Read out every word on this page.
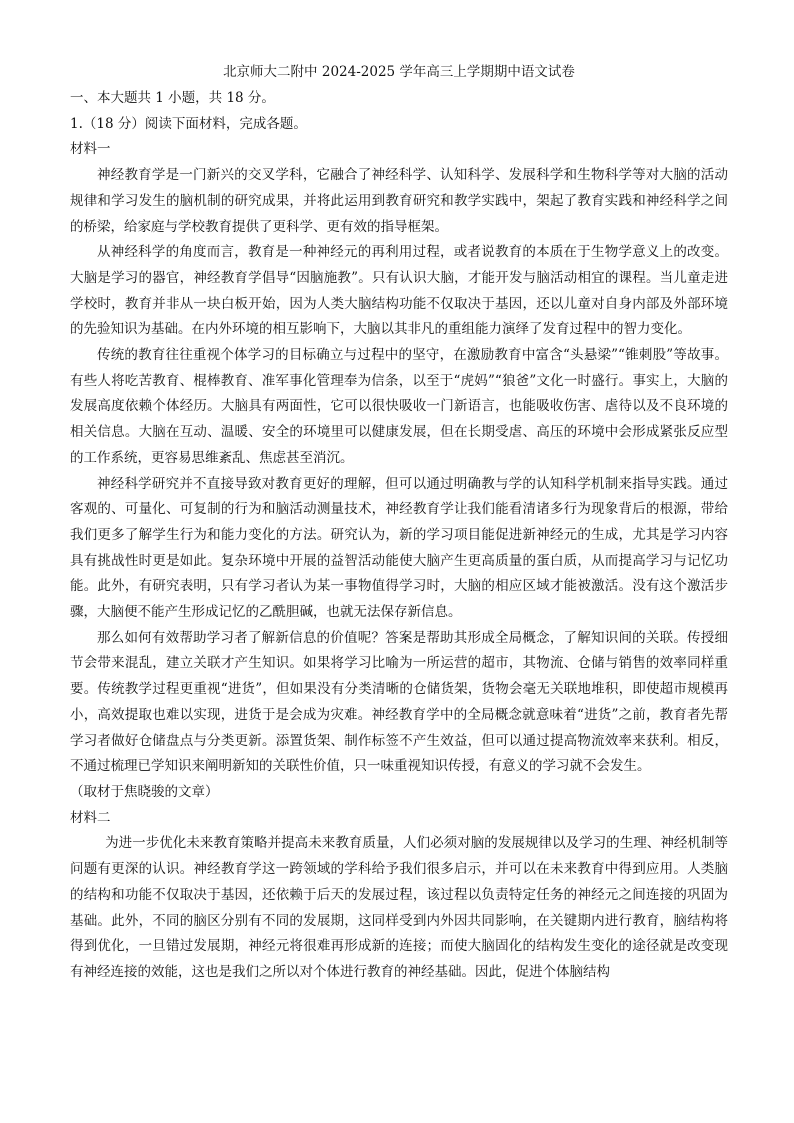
北京师大二附中 2024-2025 学年高三上学期期中语文试卷
一、本大题共 1 小题，共 18 分。
1.（18 分）阅读下面材料，完成各题。
材料一

神经教育学是一门新兴的交叉学科，它融合了神经科学、认知科学、发展科学和生物科学等对大脑的活动规律和学习发生的脑机制的研究成果，并将此运用到教育研究和教学实践中，架起了教育实践和神经科学之间的桥梁，给家庭与学校教育提供了更科学、更有效的指导框架。

从神经科学的角度而言，教育是一种神经元的再利用过程，或者说教育的本质在于生物学意义上的改变。大脑是学习的器官，神经教育学倡导“因脑施教”。只有认识大脑，才能开发与脑活动相宜的课程。当儿童走进学校时，教育并非从一块白板开始，因为人类大脑结构功能不仅取决于基因，还以儿童对自身内部及外部环境的先验知识为基础。在内外环境的相互影响下，大脑以其非凡的重组能力演绎了发育过程中的智力变化。

传统的教育往往重视个体学习的目标确立与过程中的坚守，在激励教育中富含“头悬梁”“锥刺股”等故事。有些人将吃苦教育、棍棒教育、准军事化管理奉为信条，以至于“虎妈”“狼爸”文化一时盛行。事实上，大脑的发展高度依赖个体经历。大脑具有两面性，它可以很快吸收一门新语言，也能吸收伤害、虐待以及不良环境的相关信息。大脑在互动、温暖、安全的环境里可以健康发展，但在长期受虐、高压的环境中会形成紧张反应型的工作系统，更容易思维紊乱、焦虑甚至消沉。

神经科学研究并不直接导致对教育更好的理解，但可以通过明确教与学的认知科学机制来指导实践。通过客观的、可量化、可复制的行为和脑活动测量技术，神经教育学让我们能看清诸多行为现象背后的根源，带给我们更多了解学生行为和能力变化的方法。研究认为，新的学习项目能促进新神经元的生成，尤其是学习内容具有挑战性时更是如此。复杂环境中开展的益智活动能使大脑产生更高质量的蛋白质，从而提高学习与记忆功能。此外，有研究表明，只有学习者认为某一事物值得学习时，大脑的相应区域才能被激活。没有这个激活步骤，大脑便不能产生形成记忆的乙酰胆碱，也就无法保存新信息。

那么如何有效帮助学习者了解新信息的价值呢？答案是帮助其形成全局概念，了解知识间的关联。传授细节会带来混乱，建立关联才产生知识。如果将学习比喻为一所运营的超市，其物流、仓储与销售的效率同样重要。传统教学过程更重视“进货”，但如果没有分类清晰的仓储货架，货物会毫无关联地堆积，即使超市规模再小，高效提取也难以实现，进货于是会成为灾难。神经教育学中的全局概念就意味着“进货”之前，教育者先帮学习者做好仓储盘点与分类更新。添置货架、制作标签不产生效益，但可以通过提高物流效率来获利。相反，不通过梳理已学知识来阐明新知的关联性价值，只一味重视知识传授，有意义的学习就不会发生。

（取材于焦晓骏的文章）
材料二

为进一步优化未来教育策略并提高未来教育质量，人们必须对脑的发展规律以及学习的生理、神经机制等问题有更深的认识。神经教育学这一跨领域的学科给予我们很多启示，并可以在未来教育中得到应用。人类脑的结构和功能不仅取决于基因，还依赖于后天的发展过程，该过程以负责特定任务的神经元之间连接的巩固为基础。此外，不同的脑区分别有不同的发展期，这同样受到内外因共同影响，在关键期内进行教育，脑结构将得到优化，一旦错过发展期，神经元将很难再形成新的连接；而使大脑固化的结构发生变化的途径就是改变现有神经连接的效能，这也是我们之所以对个体进行教育的神经基础。因此，促进个体脑结构
